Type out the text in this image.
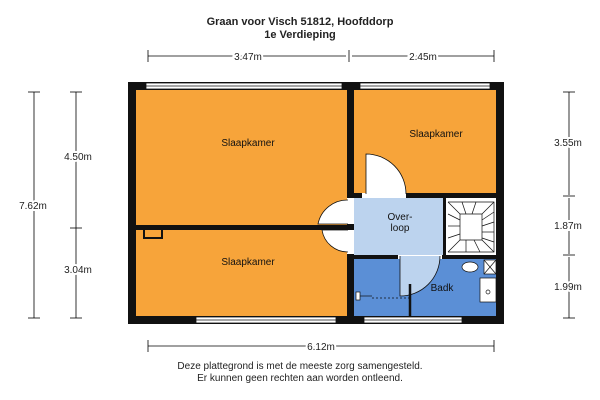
Graan voor Visch 51812, Hoofddorp
1e Verdieping
3.47m	2.45m
6.12m
7.62m
4.50m
3.04m
3.55m
1.87m
1.99m
Slaapkamer
Slaapkamer
Slaapkamer
Over-
loop
Badk
Deze plattegrond is met de meeste zorg samengesteld.
Er kunnen geen rechten aan worden ontleend.
